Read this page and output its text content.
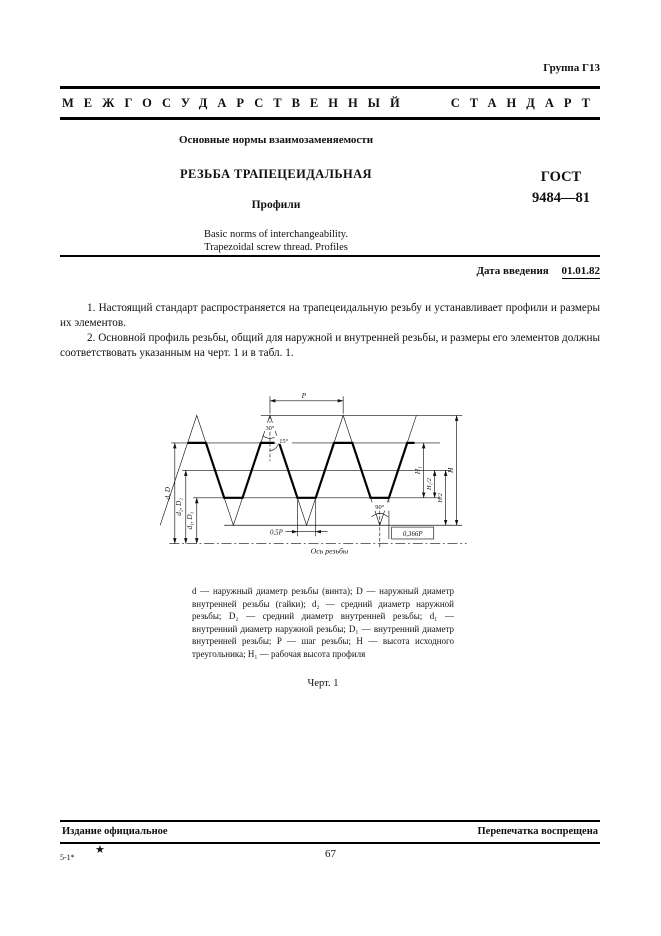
Группа Г13
МЕЖГОСУДАРСТВЕННЫЙ	СТАНДАРТ
Основные нормы взаимозаменяемости
РЕЗЬБА ТРАПЕЦЕИДАЛЬНАЯ
Профили
Basic norms of interchangeability.
Trapezoidal screw thread. Profiles
ГОСТ
9484—81
Дата введения 01.01.82

1. Настоящий стандарт распространяется на трапецеидальную резьбу и устанавливает профили и размеры их элементов.

2. Основной профиль резьбы, общий для наружной и внутренней резьбы, и размеры его элементов должны соответствовать указанным на черт. 1 и в табл. 1.

P
30°
15°
d, D
d₂, D₂
d₁, D₁
H₁
H₁/2
H/2
H
0,5P
90°
0,366P
Ось резьбы
d — наружный диаметр резьбы (винта); D — наружный диаметр внутренней резьбы (гайки); d₂ — средний диаметр наружной резьбы; D₂ — средний диаметр внутренней резьбы; d₁ — внутренний диаметр наружной резьбы; D₁ — внутренний диаметр внутренней резьбы; P — шаг резьбы; H — высота исходного треугольника; H₁ — рабочая высота профиля
Черт. 1
Издание официальное	Перепечатка воспрещена
★
5-1*	67
